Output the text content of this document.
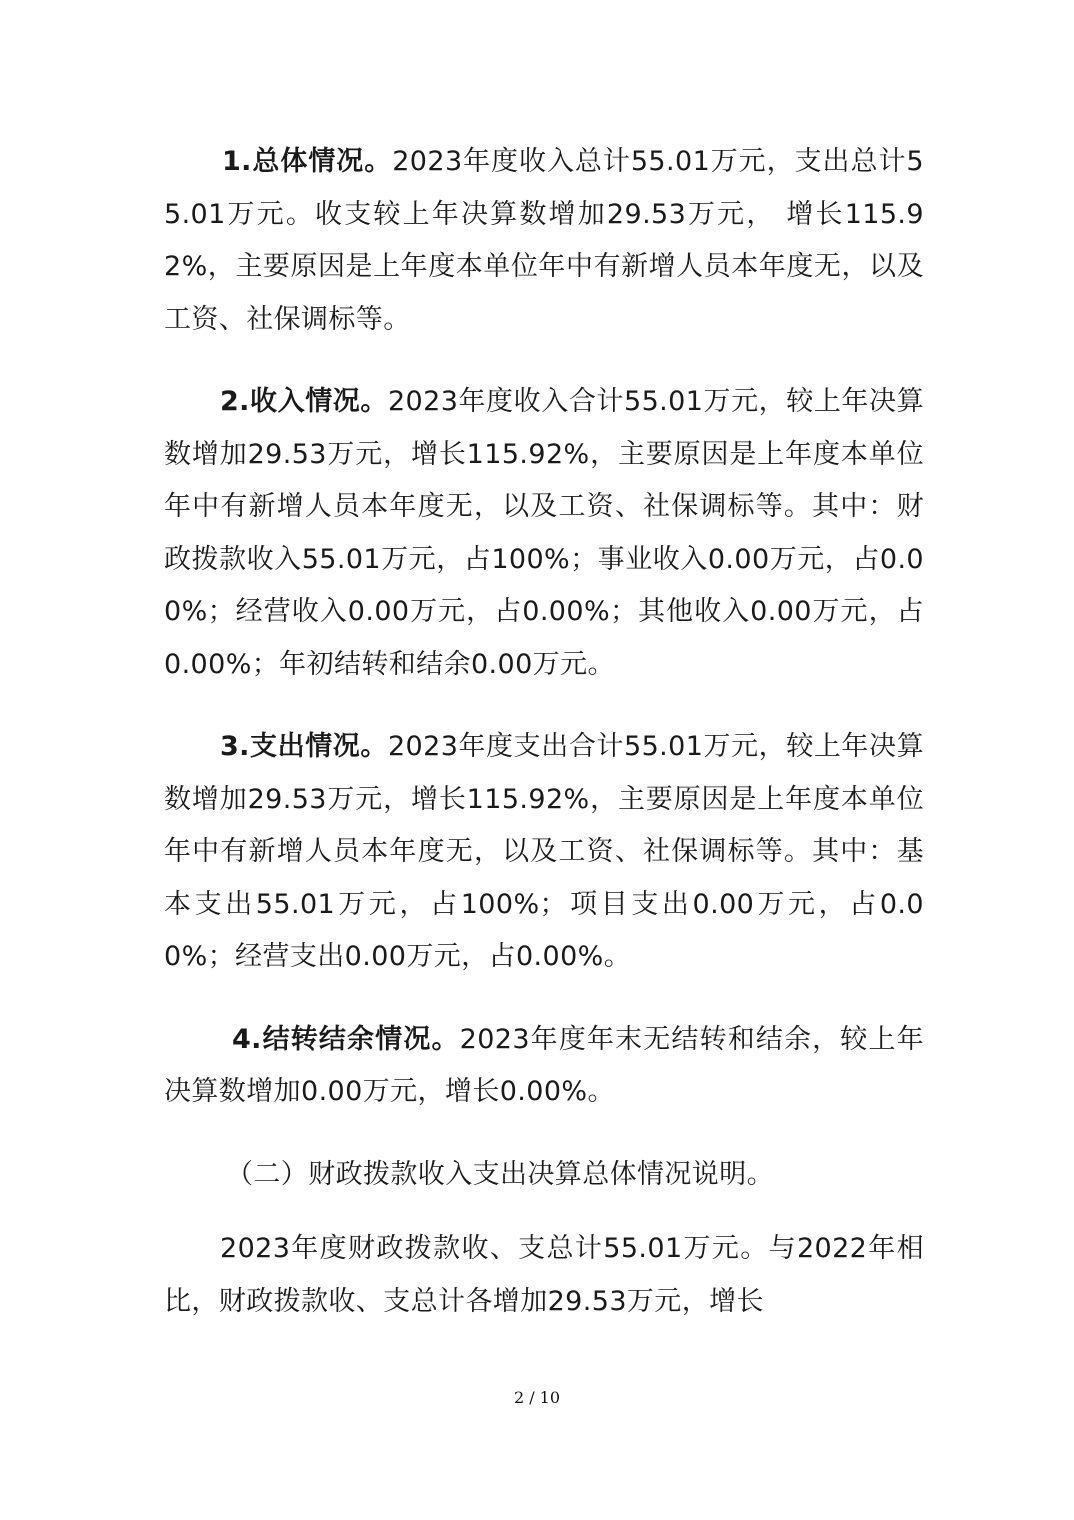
1.总体情况。2023年度收入总计55.01万元，支出总计55.01万元。收支较上年决算数增加29.53万元， 增长115.92%，主要原因是上年度本单位年中有新增人员本年度无，以及工资、社保调标等。

2.收入情况。2023年度收入合计55.01万元，较上年决算数增加29.53万元，增长115.92%，主要原因是上年度本单位年中有新增人员本年度无，以及工资、社保调标等。其中：财政拨款收入55.01万元，占100%；事业收入0.00万元，占0.00%；经营收入0.00万元，占0.00%；其他收入0.00万元，占0.00%；年初结转和结余0.00万元。

3.支出情况。2023年度支出合计55.01万元，较上年决算数增加29.53万元，增长115.92%，主要原因是上年度本单位年中有新增人员本年度无，以及工资、社保调标等。其中：基本支出55.01万元，占100%；项目支出0.00万元，占0.00%；经营支出0.00万元，占0.00%。

4.结转结余情况。2023年度年末无结转和结余，较上年决算数增加0.00万元，增长0.00%。

（二）财政拨款收入支出决算总体情况说明。

2023年度财政拨款收、支总计55.01万元。与2022年相比，财政拨款收、支总计各增加29.53万元，增长

2 / 10
